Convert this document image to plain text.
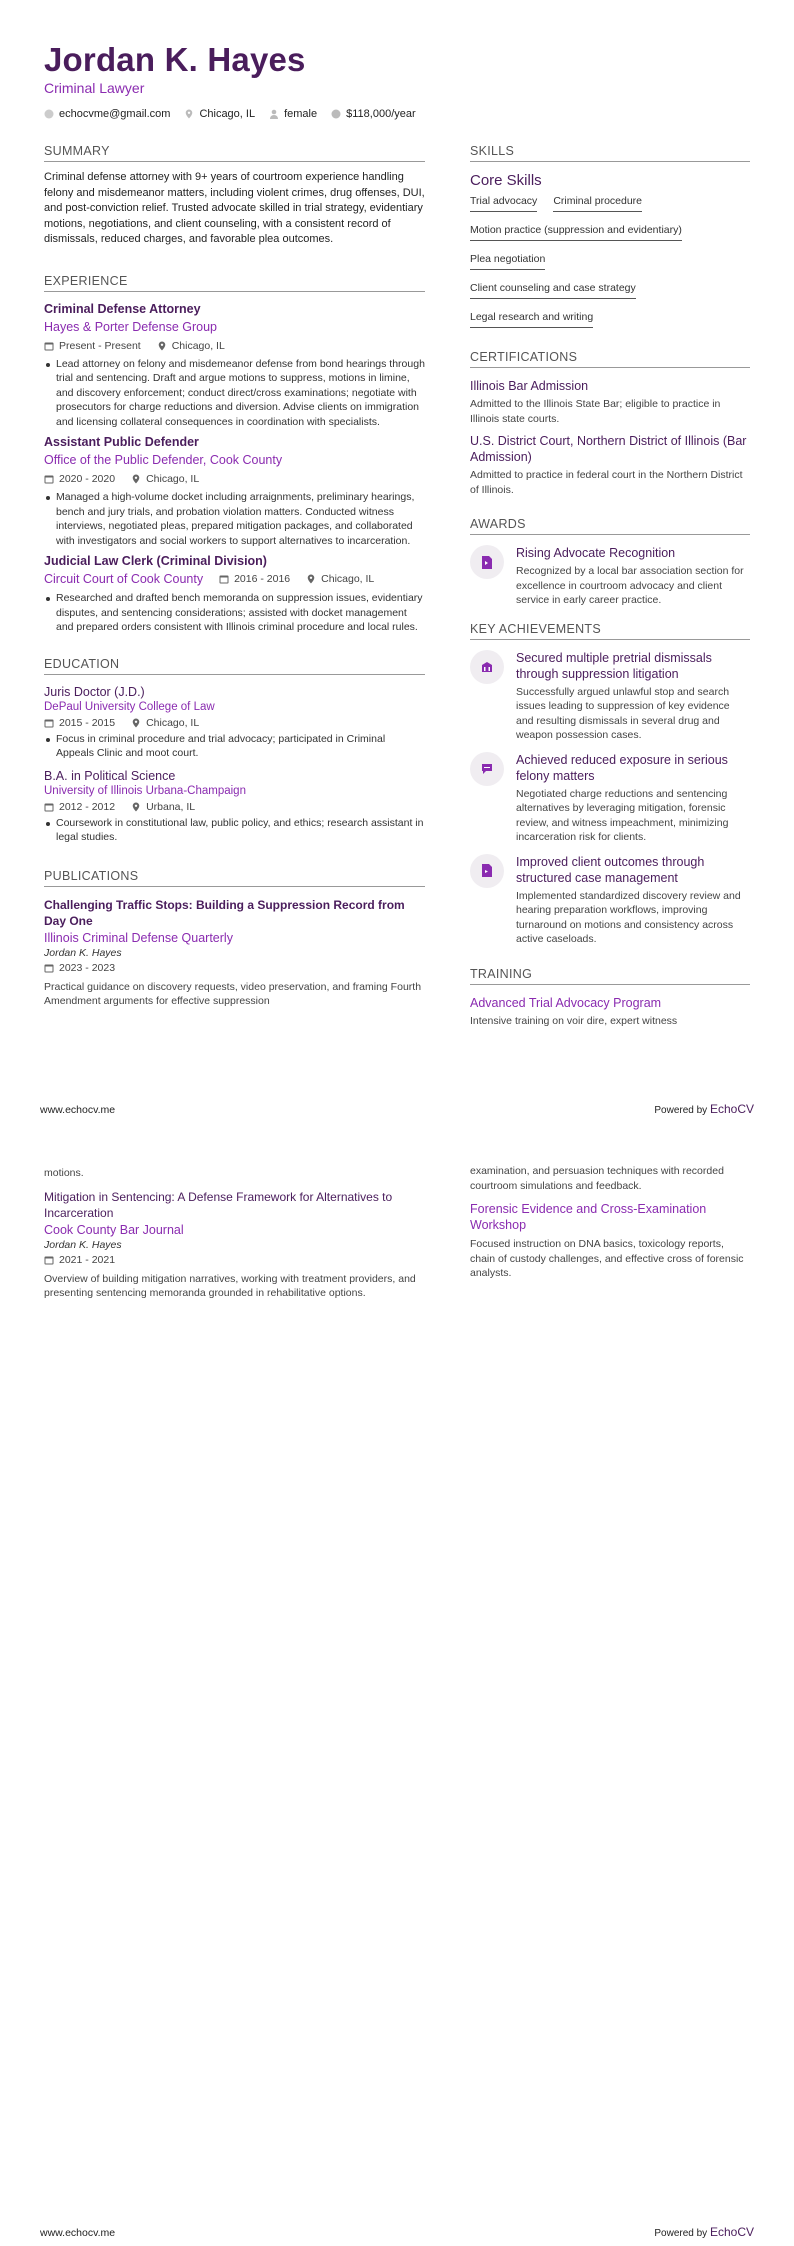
Jordan K. Hayes
Criminal Lawyer
echocvme@gmail.com	Chicago, IL	female	$118,000/year
SUMMARY
Criminal defense attorney with 9+ years of courtroom experience handling felony and misdemeanor matters, including violent crimes, drug offenses, DUI, and post-conviction relief. Trusted advocate skilled in trial strategy, evidentiary motions, negotiations, and client counseling, with a consistent record of dismissals, reduced charges, and favorable plea outcomes.
EXPERIENCE
Criminal Defense Attorney
Hayes & Porter Defense Group
Present - Present	Chicago, IL
Lead attorney on felony and misdemeanor defense from bond hearings through trial and sentencing. Draft and argue motions to suppress, motions in limine, and discovery enforcement; conduct direct/cross examinations; negotiate with prosecutors for charge reductions and diversion. Advise clients on immigration and licensing collateral consequences in coordination with specialists.
Assistant Public Defender
Office of the Public Defender, Cook County
2020 - 2020	Chicago, IL
Managed a high-volume docket including arraignments, preliminary hearings, bench and jury trials, and probation violation matters. Conducted witness interviews, negotiated pleas, prepared mitigation packages, and collaborated with investigators and social workers to support alternatives to incarceration.
Judicial Law Clerk (Criminal Division)
Circuit Court of Cook County	2016 - 2016	Chicago, IL
Researched and drafted bench memoranda on suppression issues, evidentiary disputes, and sentencing considerations; assisted with docket management and prepared orders consistent with Illinois criminal procedure and local rules.
EDUCATION
Juris Doctor (J.D.)
DePaul University College of Law
2015 - 2015	Chicago, IL
Focus in criminal procedure and trial advocacy; participated in Criminal Appeals Clinic and moot court.
B.A. in Political Science
University of Illinois Urbana-Champaign
2012 - 2012	Urbana, IL
Coursework in constitutional law, public policy, and ethics; research assistant in legal studies.
PUBLICATIONS
Challenging Traffic Stops: Building a Suppression Record from Day One
Illinois Criminal Defense Quarterly
Jordan K. Hayes
2023 - 2023
Practical guidance on discovery requests, video preservation, and framing Fourth Amendment arguments for effective suppression
SKILLS
Core Skills
Trial advocacy Criminal procedure
Motion practice (suppression and evidentiary)
Plea negotiation
Client counseling and case strategy
Legal research and writing
CERTIFICATIONS
Illinois Bar Admission
Admitted to the Illinois State Bar; eligible to practice in Illinois state courts.
U.S. District Court, Northern District of Illinois (Bar Admission)
Admitted to practice in federal court in the Northern District of Illinois.
AWARDS
Rising Advocate Recognition
Recognized by a local bar association section for excellence in courtroom advocacy and client service in early career practice.
KEY ACHIEVEMENTS
Secured multiple pretrial dismissals through suppression litigation
Successfully argued unlawful stop and search issues leading to suppression of key evidence and resulting dismissals in several drug and weapon possession cases.
Achieved reduced exposure in serious felony matters
Negotiated charge reductions and sentencing alternatives by leveraging mitigation, forensic review, and witness impeachment, minimizing incarceration risk for clients.
Improved client outcomes through structured case management
Implemented standardized discovery review and hearing preparation workflows, improving turnaround on motions and consistency across active caseloads.
TRAINING
Advanced Trial Advocacy Program
Intensive training on voir dire, expert witness
www.echocv.me	Powered by EchoCV
motions.
Mitigation in Sentencing: A Defense Framework for Alternatives to Incarceration
Cook County Bar Journal
Jordan K. Hayes
2021 - 2021
Overview of building mitigation narratives, working with treatment providers, and presenting sentencing memoranda grounded in rehabilitative options.
examination, and persuasion techniques with recorded courtroom simulations and feedback.
Forensic Evidence and Cross-Examination Workshop
Focused instruction on DNA basics, toxicology reports, chain of custody challenges, and effective cross of forensic analysts.
www.echocv.me	Powered by EchoCV
